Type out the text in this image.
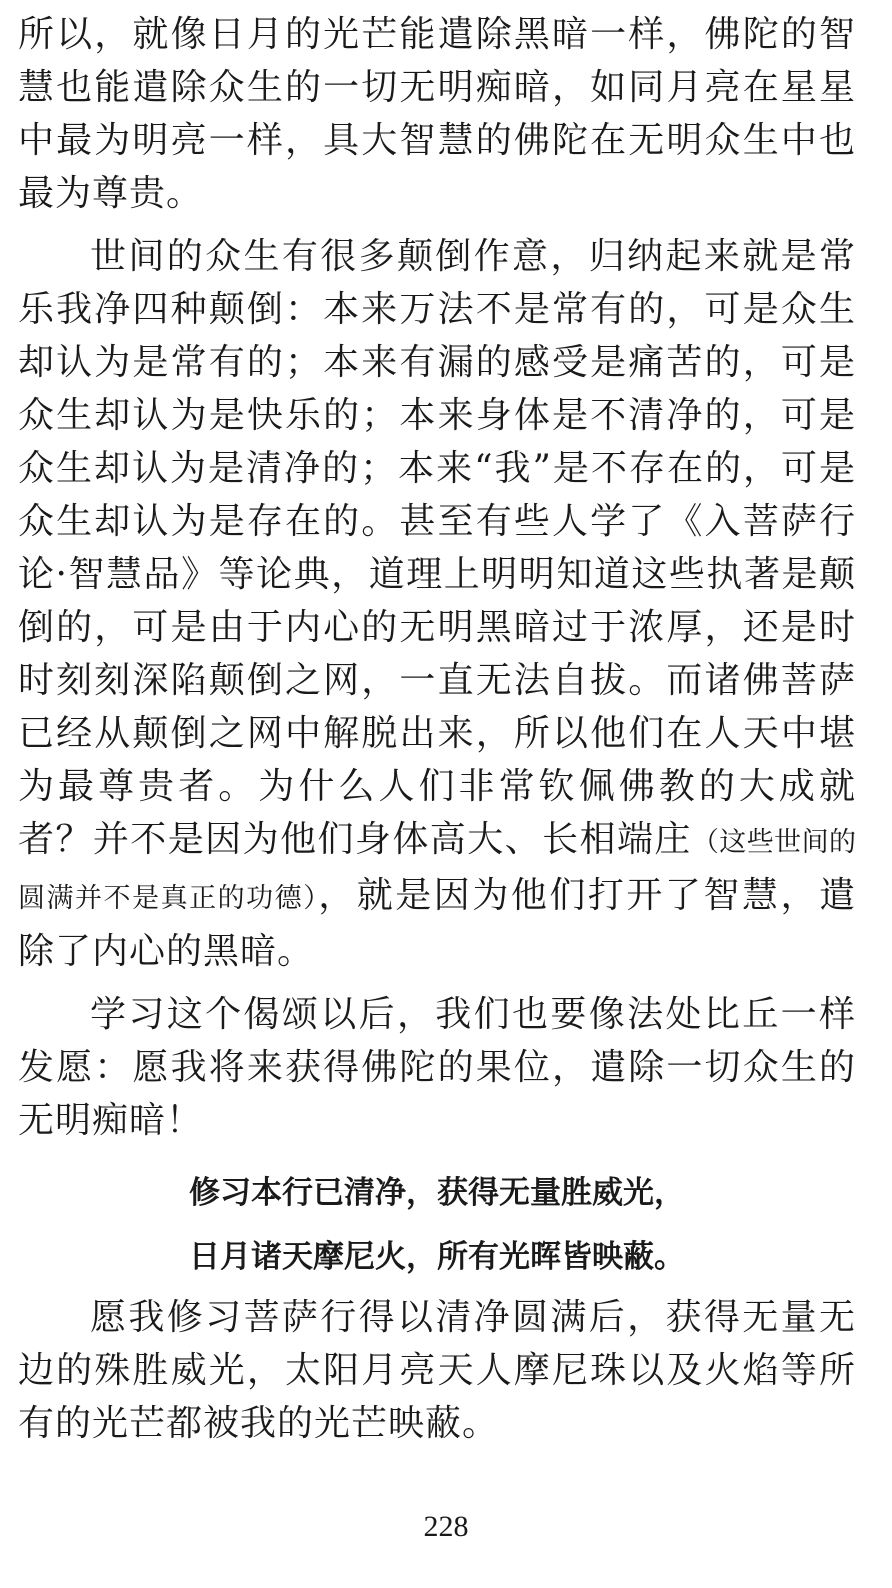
所以，就像日月的光芒能遣除黑暗一样，佛陀的智慧也能遣除众生的一切无明痴暗，如同月亮在星星中最为明亮一样，具大智慧的佛陀在无明众生中也最为尊贵。

世间的众生有很多颠倒作意，归纳起来就是常乐我净四种颠倒：本来万法不是常有的，可是众生却认为是常有的；本来有漏的感受是痛苦的，可是众生却认为是快乐的；本来身体是不清净的，可是众生却认为是清净的；本来“我”是不存在的，可是众生却认为是存在的。甚至有些人学了《入菩萨行论·智慧品》等论典，道理上明明知道这些执著是颠倒的，可是由于内心的无明黑暗过于浓厚，还是时时刻刻深陷颠倒之网，一直无法自拔。而诸佛菩萨已经从颠倒之网中解脱出来，所以他们在人天中堪为最尊贵者。为什么人们非常钦佩佛教的大成就者？并不是因为他们身体高大、长相端庄（这些世间的圆满并不是真正的功德），就是因为他们打开了智慧，遣除了内心的黑暗。

学习这个偈颂以后，我们也要像法处比丘一样发愿：愿我将来获得佛陀的果位，遣除一切众生的无明痴暗！

修习本行已清净，获得无量胜威光，

日月诸天摩尼火，所有光晖皆映蔽。

愿我修习菩萨行得以清净圆满后，获得无量无边的殊胜威光，太阳月亮天人摩尼珠以及火焰等所有的光芒都被我的光芒映蔽。

228
